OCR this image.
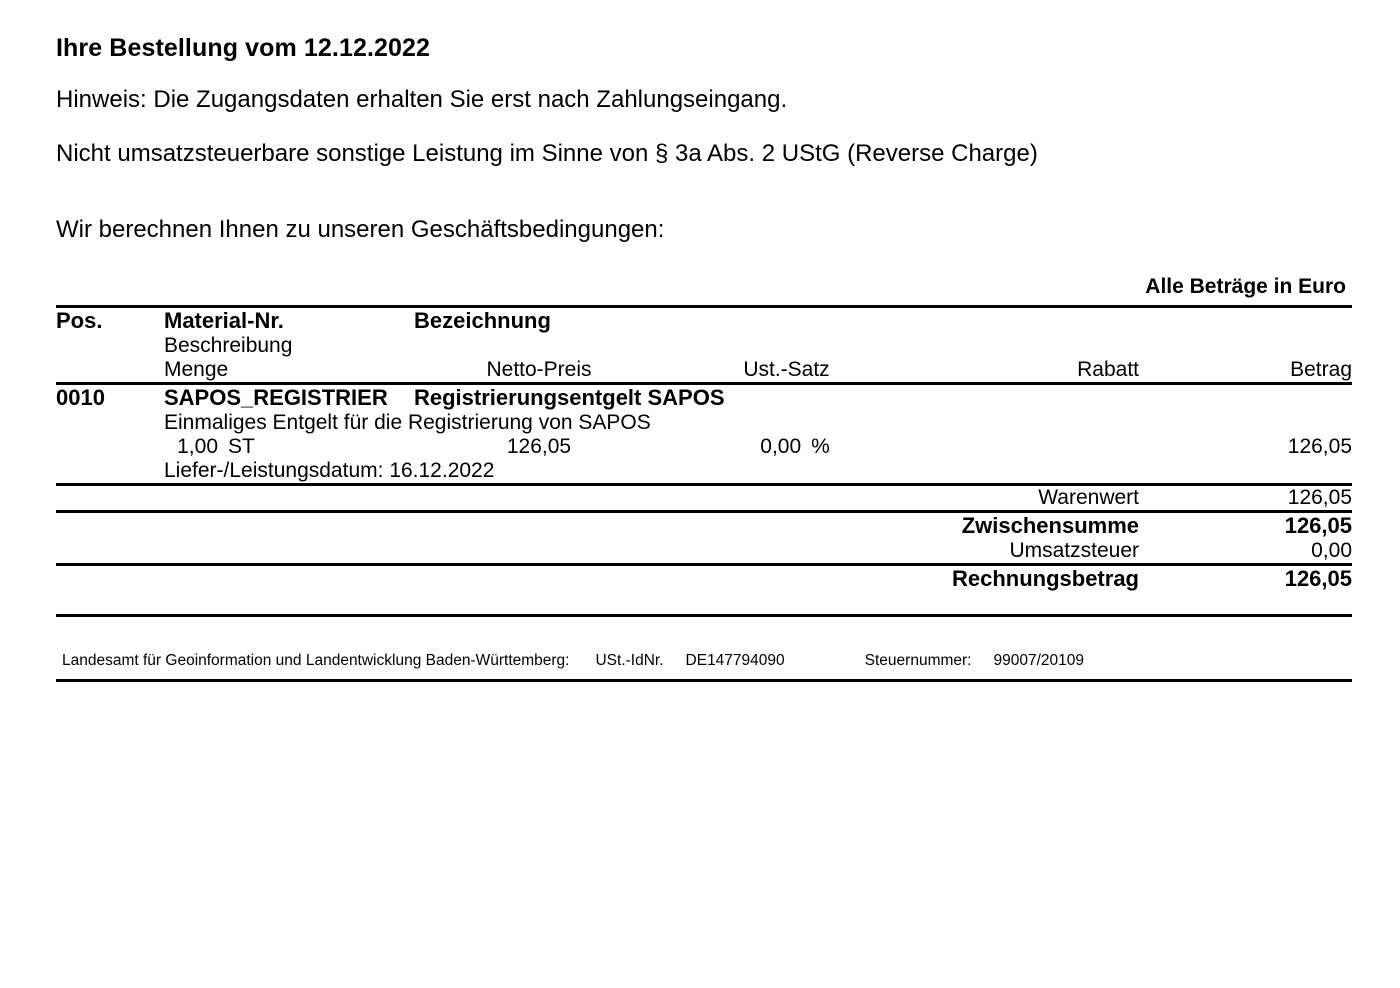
Ihre Bestellung vom 12.12.2022

Hinweis: Die Zugangsdaten erhalten Sie erst nach Zahlungseingang.

Nicht umsatzsteuerbare sonstige Leistung im Sinne von § 3a Abs. 2 UStG (Reverse Charge)

Wir berechnen Ihnen zu unseren Geschäftsbedingungen:

Alle Beträge in Euro

Pos.	Material-Nr.	Bezeichnung			
	Beschreibung				
	Menge	Netto-Preis	Ust.-Satz	Rabatt	Betrag

0010	SAPOS_REGISTRIER	Registrierungsentgelt SAPOS			
	Einmaliges Entgelt für die Registrierung von SAPOS				
	1,00 ST	126,05	0,00 %		126,05
	Liefer-/Leistungsdatum: 16.12.2022				

				Warenwert	126,05

				Zwischensumme	126,05
				Umsatzsteuer	0,00

				Rechnungsbetrag	126,05

Landesamt für Geoinformation und Landentwicklung Baden-Württemberg:	USt.-IdNr.	DE147794090	Steuernummer:	99007/20109
